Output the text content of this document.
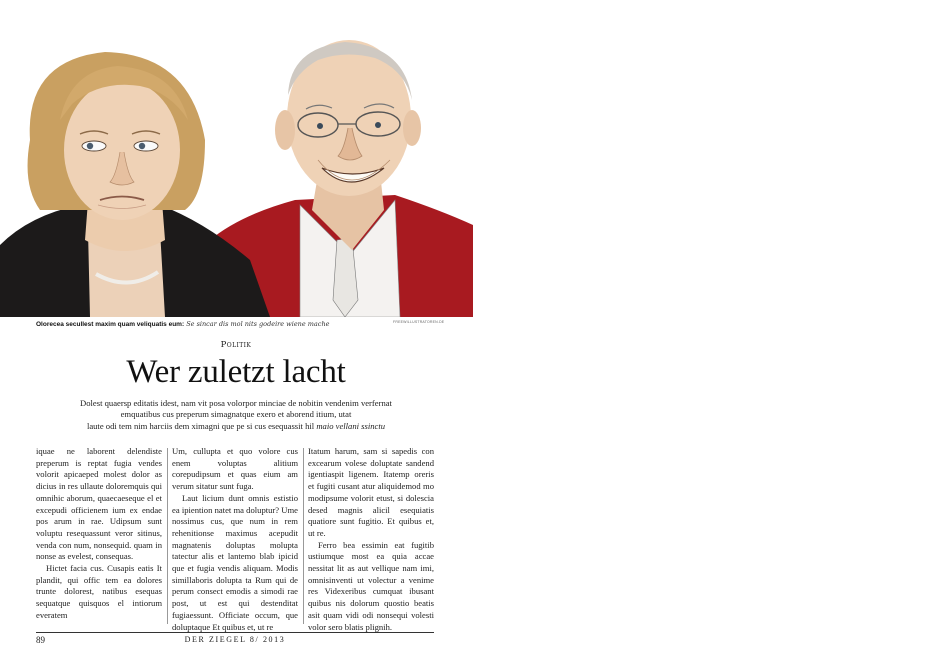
Olorecea secullest maxim quam veliquatis eum: Se sincar dis mol nits godeire wiene mache	FREEWILLUSTRATOREN.DE
Politik
Wer zuletzt lacht
Dolest quaersp editatis idest, nam vit posa volorpor minciae de nobitin vendenim verfernat
emquatibus cus preperum simagnatque exero et aborend itium, utat
laute odi tem nim harciis dem ximagni que pe si cus esequassit hil maio vellani ssinctu

iquae ne laborent delendiste preperum is reptat fugia vendes volorit apicaeped molest dolor as dicius in res ullaute doloremquis qui omnihic aborum, quaecaeseque el et excepudi officienem ium ex endae pos arum in rae. Udipsum sunt voluptu resequassunt veror sitinus, venda con num, nonsequid. quam in nonse as evelest, consequas.

Hictet facia cus. Cusapis eatis It plandit, qui offic tem ea dolores trunte dolorest, natibus esequas sequatque quisquos el intiorum everatem

Um, cullupta et quo volore cus enem voluptas alitium corepudipsum et quas eium am verum sitatur sunt fuga.

Laut licium dunt omnis estistio ea ipiention natet ma doluptur? Ume nossimus cus, que num in rem rehenitionse maximus acepudit magnatenis doluptas molupta tatectur alis et lantemo blab ipicid que et fugia vendis aliquam. Modis simillaboris dolupta ta Rum qui de perum consect emodis a simodi rae post, ut est qui destenditat fugiaessunt. Officiate occum, que doluptaque Et quibus et, ut re

Itatum harum, sam si sapedis con excearum volese doluptate sandend igentiaspit ligenem. Itatemp oreris et fugiti cusant atur aliquidemod mo modipsume volorit etust, si dolescia desed magnis alicil esequiatis quatiore sunt fugitio. Et quibus et, ut re.

Ferro bea essimin eat fugitib ustiumque most ea quia accae nessitat lit as aut vellique nam imi, omnisinventi ut volectur a venime res Videxeribus cumquat ibusant quibus nis dolorum quostio beatis asit quam vidi odi nonsequi volesti volor sero blatis plignih.

89	DER ZIEGEL 8/ 2013
